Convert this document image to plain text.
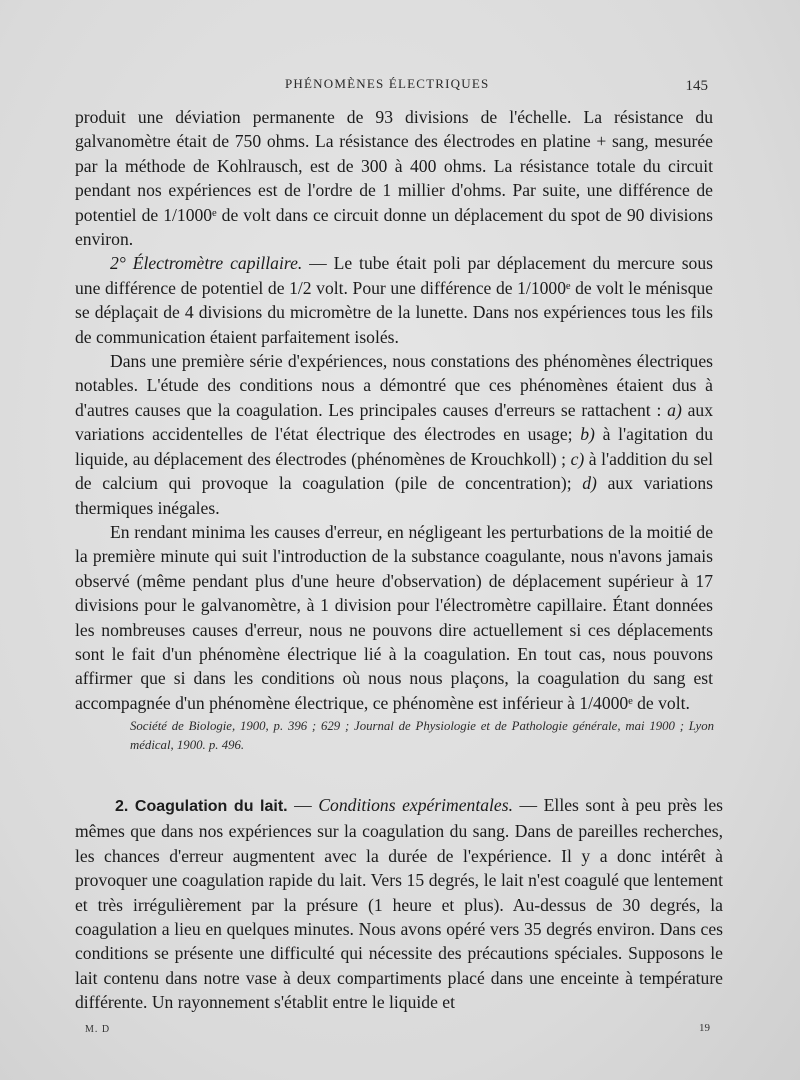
PHÉNOMÈNES ÉLECTRIQUES	145

produit une déviation permanente de 93 divisions de l'échelle. La résistance du galvanomètre était de 750 ohms. La résistance des électrodes en platine + sang, mesurée par la méthode de Kohlrausch, est de 300 à 400 ohms. La résistance totale du circuit pendant nos expériences est de l'ordre de 1 millier d'ohms. Par suite, une différence de potentiel de 1/1000ᵉ de volt dans ce circuit donne un déplacement du spot de 90 divisions environ.

2° Électromètre capillaire. — Le tube était poli par déplacement du mercure sous une différence de potentiel de 1/2 volt. Pour une différence de 1/1000ᵉ de volt le ménisque se déplaçait de 4 divisions du micromètre de la lunette. Dans nos expériences tous les fils de communication étaient parfaitement isolés.

Dans une première série d'expériences, nous constations des phénomènes électriques notables. L'étude des conditions nous a démontré que ces phénomènes étaient dus à d'autres causes que la coagulation. Les principales causes d'erreurs se rattachent : a) aux variations accidentelles de l'état électrique des électrodes en usage; b) à l'agitation du liquide, au déplacement des électrodes (phénomènes de Krouchkoll) ; c) à l'addition du sel de calcium qui provoque la coagulation (pile de concentration); d) aux variations thermiques inégales.

En rendant minima les causes d'erreur, en négligeant les perturbations de la moitié de la première minute qui suit l'introduction de la substance coagulante, nous n'avons jamais observé (même pendant plus d'une heure d'observation) de déplacement supérieur à 17 divisions pour le galvanomètre, à 1 division pour l'électromètre capillaire. Étant données les nombreuses causes d'erreur, nous ne pouvons dire actuellement si ces déplacements sont le fait d'un phénomène électrique lié à la coagulation. En tout cas, nous pouvons affirmer que si dans les conditions où nous nous plaçons, la coagulation du sang est accompagnée d'un phénomène électrique, ce phénomène est inférieur à 1/4000ᵉ de volt.

Société de Biologie, 1900, p. 396 ; 629 ; Journal de Physiologie et de Pathologie générale, mai 1900 ; Lyon médical, 1900. p. 496.

2. Coagulation du lait. — Conditions expérimentales. — Elles sont à peu près les mêmes que dans nos expériences sur la coagulation du sang. Dans de pareilles recherches, les chances d'erreur augmentent avec la durée de l'expérience. Il y a donc intérêt à provoquer une coagulation rapide du lait. Vers 15 degrés, le lait n'est coagulé que lentement et très irrégulièrement par la présure (1 heure et plus). Au-dessus de 30 degrés, la coagulation a lieu en quelques minutes. Nous avons opéré vers 35 degrés environ. Dans ces conditions se présente une difficulté qui nécessite des précautions spéciales. Supposons le lait contenu dans notre vase à deux compartiments placé dans une enceinte à température différente. Un rayonnement s'établit entre le liquide et

M. D	19
